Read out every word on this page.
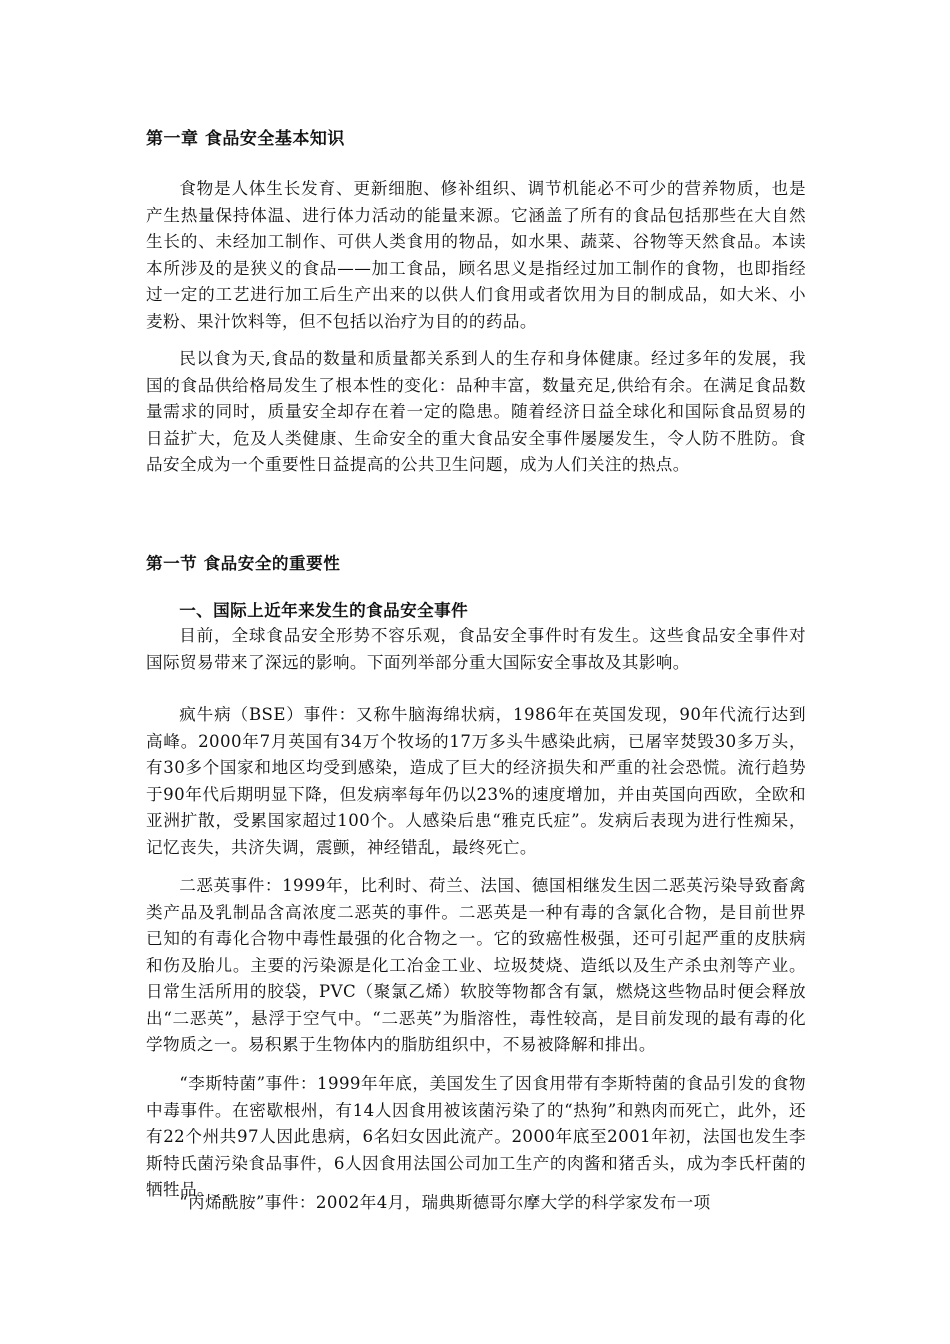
第一章 食品安全基本知识

食物是人体生长发育、更新细胞、修补组织、调节机能必不可少的营养物质，也是产生热量保持体温、进行体力活动的能量来源。它涵盖了所有的食品包括那些在大自然生长的、未经加工制作、可供人类食用的物品，如水果、蔬菜、谷物等天然食品。本读本所涉及的是狭义的食品——加工食品，顾名思义是指经过加工制作的食物，也即指经过一定的工艺进行加工后生产出来的以供人们食用或者饮用为目的制成品，如大米、小麦粉、果汁饮料等，但不包括以治疗为目的的药品。

民以食为天,食品的数量和质量都关系到人的生存和身体健康。经过多年的发展，我国的食品供给格局发生了根本性的变化：品种丰富，数量充足,供给有余。在满足食品数量需求的同时，质量安全却存在着一定的隐患。随着经济日益全球化和国际食品贸易的日益扩大，危及人类健康、生命安全的重大食品安全事件屡屡发生，令人防不胜防。食品安全成为一个重要性日益提高的公共卫生问题，成为人们关注的热点。

第一节 食品安全的重要性
一、国际上近年来发生的食品安全事件

目前，全球食品安全形势不容乐观，食品安全事件时有发生。这些食品安全事件对国际贸易带来了深远的影响。下面列举部分重大国际安全事故及其影响。

疯牛病（BSE）事件：又称牛脑海绵状病，1986年在英国发现，90年代流行达到高峰。2000年7月英国有34万个牧场的17万多头牛感染此病，已屠宰焚毁30多万头，有30多个国家和地区均受到感染，造成了巨大的经济损失和严重的社会恐慌。流行趋势于90年代后期明显下降，但发病率每年仍以23%的速度增加，并由英国向西欧，全欧和亚洲扩散，受累国家超过100个。人感染后患“雅克氏症”。发病后表现为进行性痴呆，记忆丧失，共济失调，震颤，神经错乱，最终死亡。

二恶英事件：1999年，比利时、荷兰、法国、德国相继发生因二恶英污染导致畜禽类产品及乳制品含高浓度二恶英的事件。二恶英是一种有毒的含氯化合物，是目前世界已知的有毒化合物中毒性最强的化合物之一。它的致癌性极强，还可引起严重的皮肤病和伤及胎儿。主要的污染源是化工冶金工业、垃圾焚烧、造纸以及生产杀虫剂等产业。日常生活所用的胶袋，PVC（聚氯乙烯）软胶等物都含有氯，燃烧这些物品时便会释放出“二恶英”，悬浮于空气中。“二恶英”为脂溶性，毒性较高，是目前发现的最有毒的化学物质之一。易积累于生物体内的脂肪组织中，不易被降解和排出。

“李斯特菌”事件：1999年年底，美国发生了因食用带有李斯特菌的食品引发的食物中毒事件。在密歇根州，有14人因食用被该菌污染了的“热狗”和熟肉而死亡，此外，还有22个州共97人因此患病，6名妇女因此流产。2000年底至2001年初，法国也发生李斯特氏菌污染食品事件，6人因食用法国公司加工生产的肉酱和猪舌头，成为李氏杆菌的牺牲品。

“丙烯酰胺”事件：2002年4月，瑞典斯德哥尔摩大学的科学家发布一项
